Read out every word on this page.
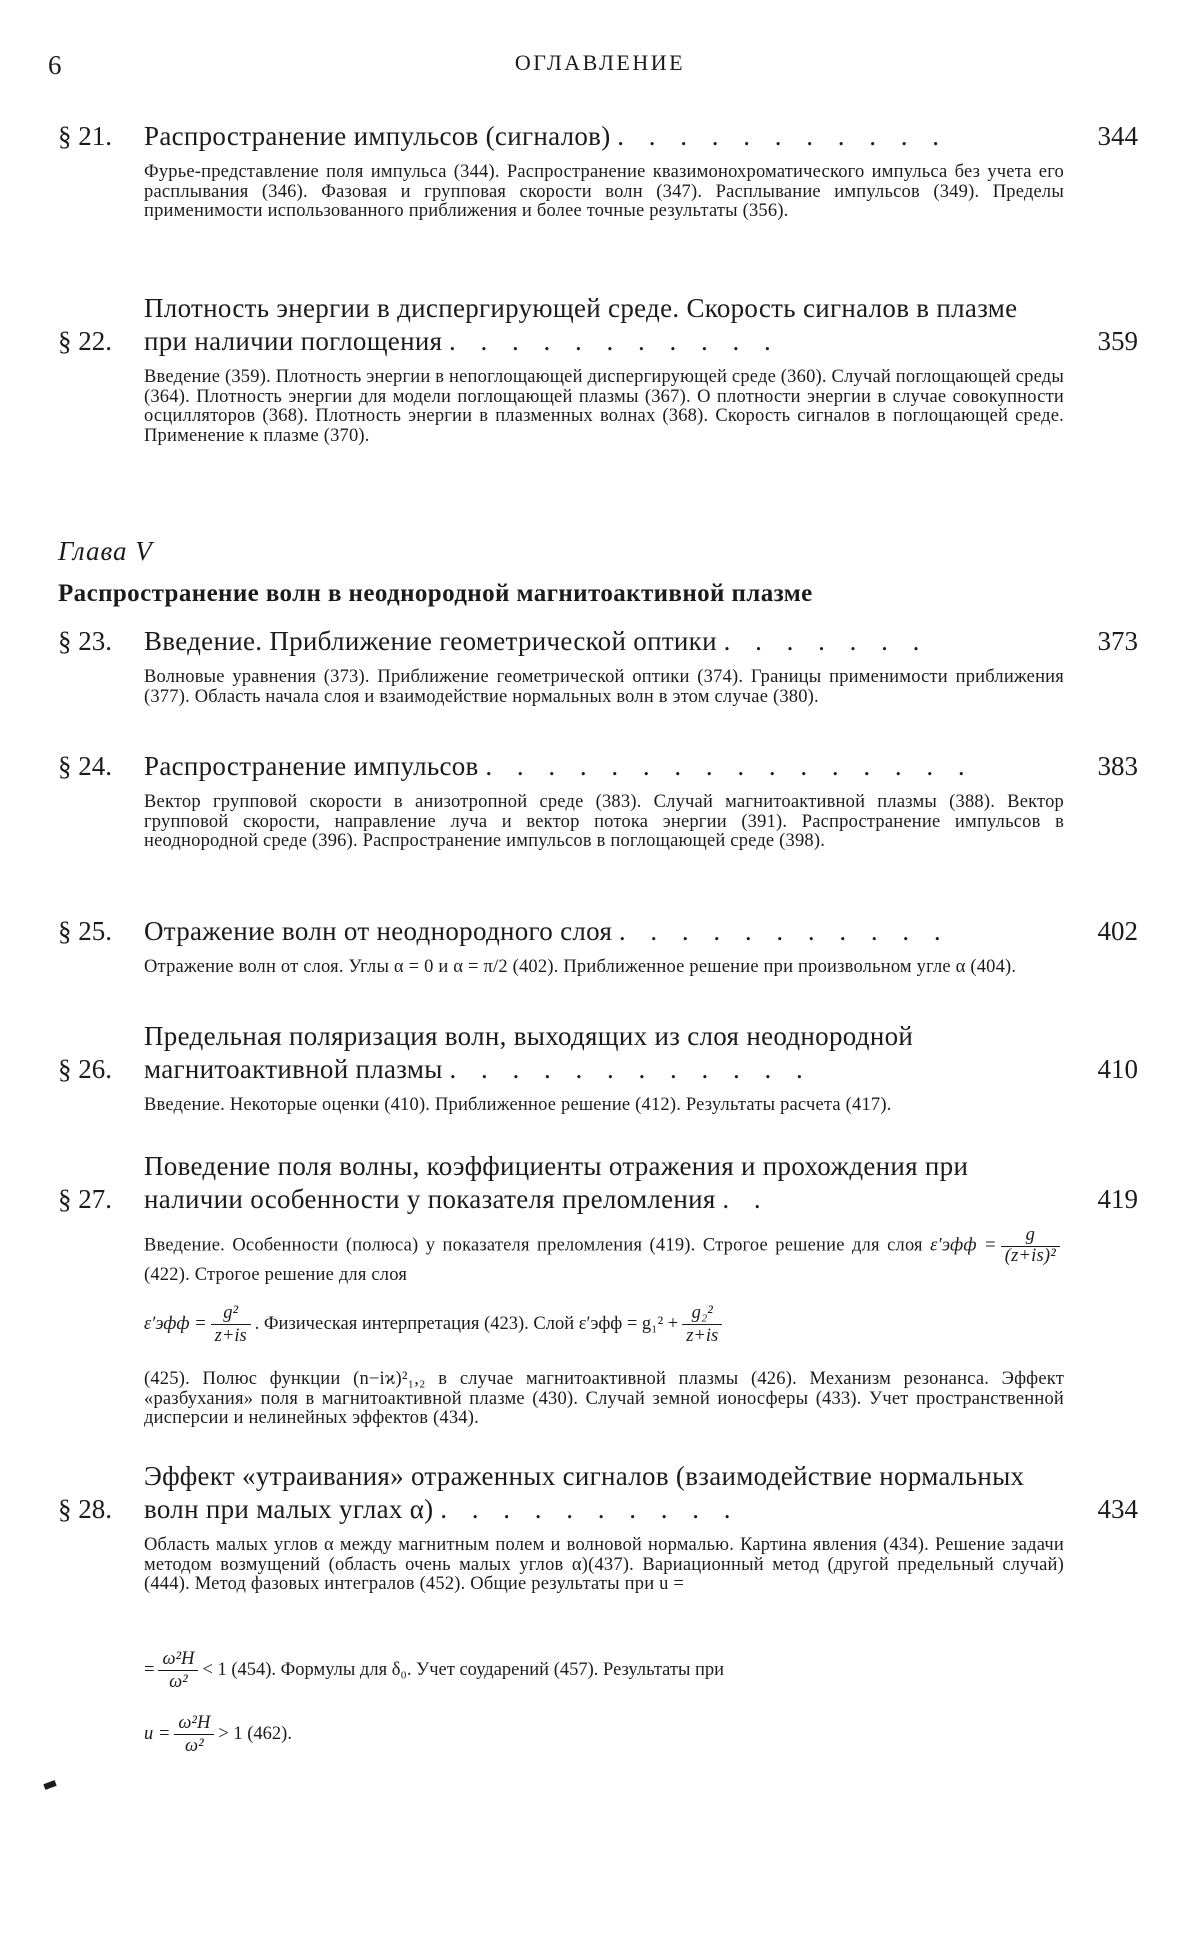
6	ОГЛАВЛЕНИЕ
§ 21.	Распространение импульсов (сигналов) . . . . . . . . . . .	344
Фурье-представление поля импульса (344). Распространение квазимонохроматического импульса без учета его расплывания (346). Фазовая и групповая скорости волн (347). Расплывание импульсов (349). Пределы применимости использованного приближения и более точные результаты (356).
§ 22.
Плотность энергии в диспергирующей среде. Скорость сигналов в плазме при наличии поглощения . . . . . . . . . . .	359
Введение (359). Плотность энергии в непоглощающей диспергирующей среде (360). Случай поглощающей среды (364). Плотность энергии для модели поглощающей плазмы (367). О плотности энергии в случае совокупности осцилляторов (368). Плотность энергии в плазменных волнах (368). Скорость сигналов в поглощающей среде. Применение к плазме (370).
Глава V
Распространение волн в неоднородной магнитоактивной плазме
§ 23.	Введение. Приближение геометрической оптики . . . . . . .	373
Волновые уравнения (373). Приближение геометрической оптики (374). Границы применимости приближения (377). Область начала слоя и взаимодействие нормальных волн в этом случае (380).
§ 24.	Распространение импульсов . . . . . . . . . . . . . . . .	383
Вектор групповой скорости в анизотропной среде (383). Случай магнитоактивной плазмы (388). Вектор групповой скорости, направление луча и вектор потока энергии (391). Распространение импульсов в неоднородной среде (396). Распространение импульсов в поглощающей среде (398).
§ 25.	Отражение волн от неоднородного слоя . . . . . . . . . . .	402
Отражение волн от слоя. Углы α = 0 и α = π/2 (402). Приближенное решение при произвольном угле α (404).
§ 26.
Предельная поляризация волн, выходящих из слоя неоднородной магнитоактивной плазмы . . . . . . . . . . . .	410
Введение. Некоторые оценки (410). Приближенное решение (412). Результаты расчета (417).
§ 27.
Поведение поля волны, коэффициенты отражения и прохождения при наличии особенности у показателя преломления . .	419
Введение. Особенности (полюса) у показателя преломления (419). Строгое решение для слоя $\varepsilon'эфф = \frac{g}{\text{(z+is)²}}$
(422). Строгое решение для слоя
$\varepsilon'эфф = \frac{\text{g²}}{z+is}$ . Физическая интерпретация (423). Слой $\varepsilon'эфф = g_1^2 + \frac{\text{g₂²}}{z+is}$
(425). Полюс функции (n−iϰ)²₁,₂ в случае магнитоактивной плазмы (426). Механизм резонанса. Эффект «разбухания» поля в магнитоактивной плазме (430). Случай земной ионосферы (433). Учет пространственной дисперсии и нелинейных эффектов (434).
§ 28.
Эффект «утраивания» отраженных сигналов (взаимодействие нормальных волн при малых углах α) . . . . . . . . . .	434
Область малых углов α между магнитным полем и волновой нормалью. Картина явления (434). Решение задачи методом возмущений (область очень малых углов α)(437). Вариационный метод (другой предельный случай) (444). Метод фазовых интегралов (452). Общие результаты при u =
= $\frac{\text{ω²H}}{\text{ω²}} < 1$ (454). Формулы для δ₀. Учет соударений (457). Результаты при
$u = \frac{\text{ω²H}}{\text{ω²}} > 1$ (462).
